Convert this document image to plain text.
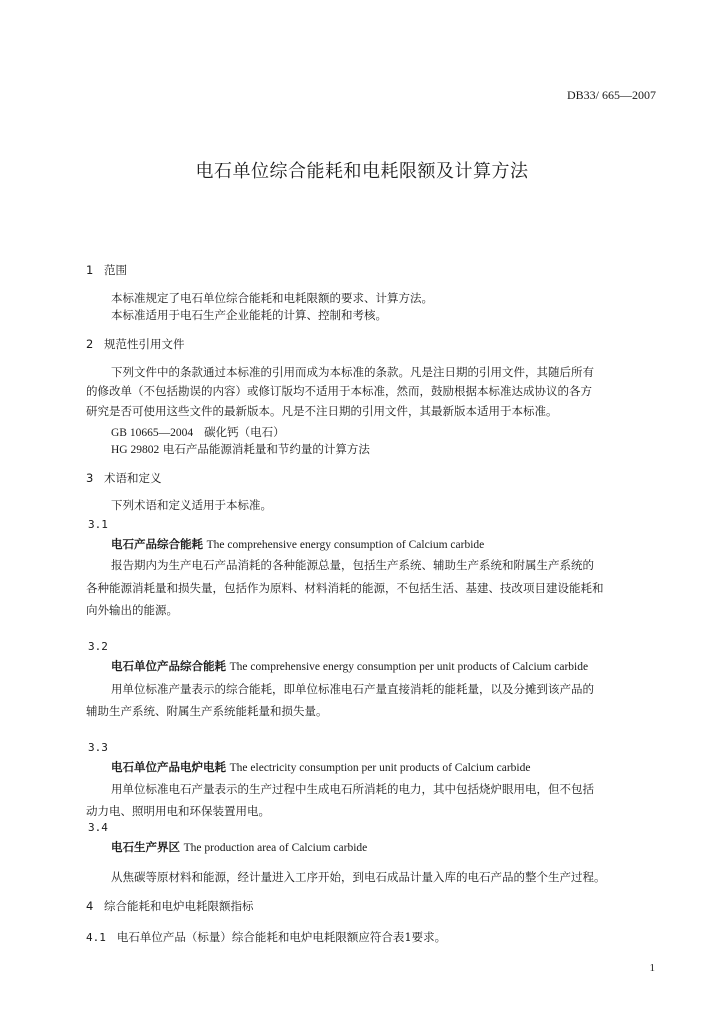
DB33/ 665—2007
电石单位综合能耗和电耗限额及计算方法
1 范围
本标准规定了电石单位综合能耗和电耗限额的要求、计算方法。
本标准适用于电石生产企业能耗的计算、控制和考核。
2 规范性引用文件
下列文件中的条款通过本标准的引用而成为本标准的条款。凡是注日期的引用文件，其随后所有
的修改单（不包括勘误的内容）或修订版均不适用于本标准，然而，鼓励根据本标准达成协议的各方
研究是否可使用这些文件的最新版本。凡是不注日期的引用文件，其最新版本适用于本标准。
GB 10665—2004 碳化钙（电石）
HG 29802 电石产品能源消耗量和节约量的计算方法
3 术语和定义
下列术语和定义适用于本标准。
3.1
电石产品综合能耗 The comprehensive energy consumption of Calcium carbide
报告期内为生产电石产品消耗的各种能源总量，包括生产系统、辅助生产系统和附属生产系统的
各种能源消耗量和损失量，包括作为原料、材料消耗的能源，不包括生活、基建、技改项目建设能耗和
向外输出的能源。
3.2
电石单位产品综合能耗 The comprehensive energy consumption per unit products of Calcium carbide
用单位标准产量表示的综合能耗，即单位标准电石产量直接消耗的能耗量，以及分摊到该产品的
辅助生产系统、附属生产系统能耗量和损失量。
3.3
电石单位产品电炉电耗 The electricity consumption per unit products of Calcium carbide
用单位标准电石产量表示的生产过程中生成电石所消耗的电力，其中包括烧炉眼用电，但不包括
动力电、照明用电和环保装置用电。
3.4
电石生产界区 The production area of Calcium carbide
从焦碳等原材料和能源，经计量进入工序开始，到电石成品计量入库的电石产品的整个生产过程。
4 综合能耗和电炉电耗限额指标
4.1 电石单位产品（标量）综合能耗和电炉电耗限额应符合表1要求。
1
